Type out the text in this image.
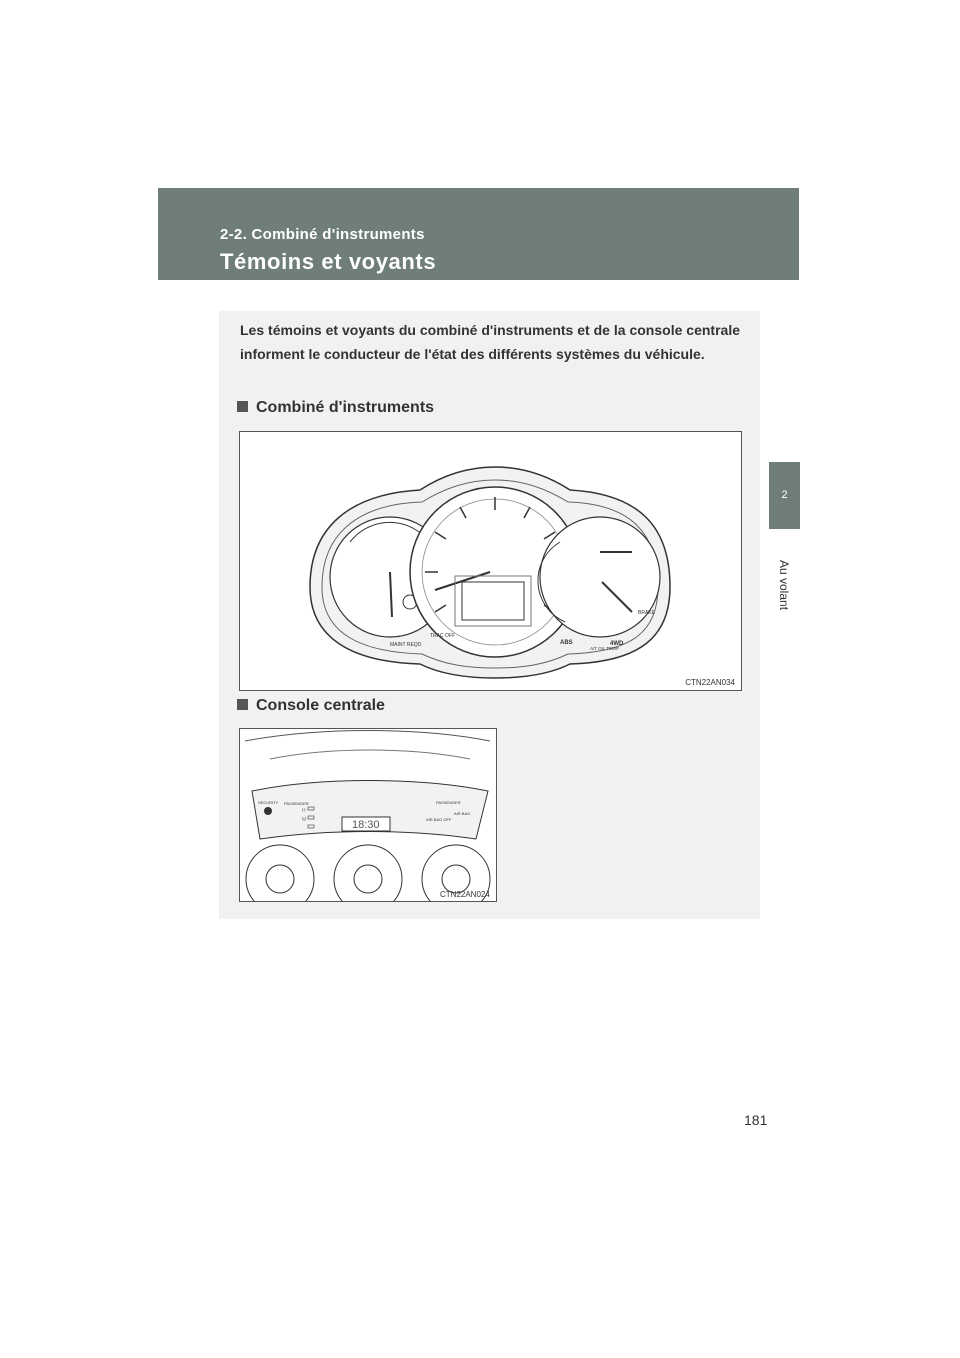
2-2. Combiné d'instruments
Témoins et voyants
2
Au volant
Les témoins et voyants du combiné d'instruments et de la console centrale informent le conducteur de l'état des différents systèmes du véhicule.
Combiné d'instruments
TRAC OFF
MAINT REQD	ABS
A/T OIL TEMP
4WD
BRAKE
CTN22AN034
Console centrale
18:30
SECURITY PASSENGER	PASSENGER
AIR BAG OFF
AIR BAG
H
M
CTN22AN024
181
